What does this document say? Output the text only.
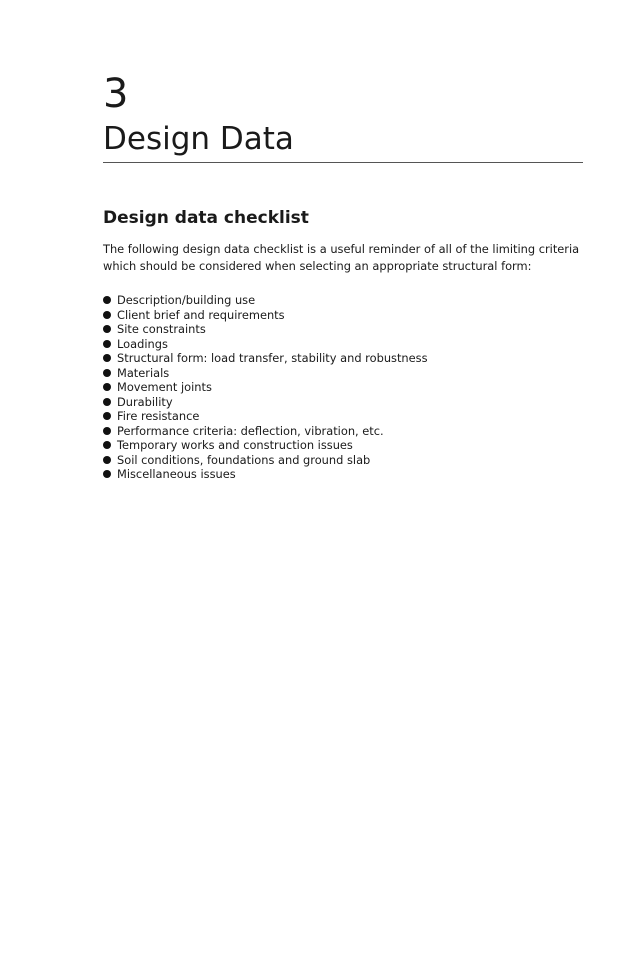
3
Design Data
Design data checklist

The following design data checklist is a useful reminder of all of the limiting criteria which should be considered when selecting an appropriate structural form:

Description/building use
Client brief and requirements
Site constraints
Loadings
Structural form: load transfer, stability and robustness
Materials
Movement joints
Durability
Fire resistance
Performance criteria: deflection, vibration, etc.
Temporary works and construction issues
Soil conditions, foundations and ground slab
Miscellaneous issues
